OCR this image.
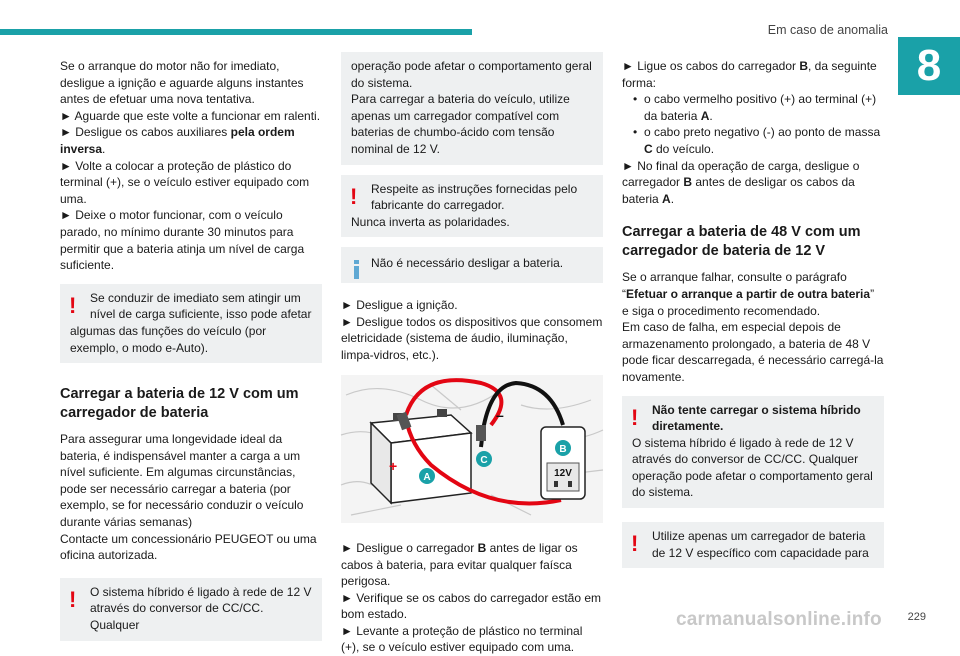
Em caso de anomalia
8

Se o arranque do motor não for imediato, desligue a ignição e aguarde alguns instantes antes de efetuar uma nova tentativa.

► Aguarde que este volte a funcionar em ralenti.

► Desligue os cabos auxiliares pela ordem inversa.

► Volte a colocar a proteção de plástico do terminal (+), se o veículo estiver equipado com uma.

► Deixe o motor funcionar, com o veículo parado, no mínimo durante 30 minutos para permitir que a bateria atinja um nível de carga suficiente.

!	Se conduzir de imediato sem atingir um nível de carga suficiente, isso pode afetar

algumas das funções do veículo (por exemplo, o modo e-Auto).

Carregar a bateria de 12 V com um carregador de bateria

Para assegurar uma longevidade ideal da bateria, é indispensável manter a carga a um nível suficiente. Em algumas circunstâncias, pode ser necessário carregar a bateria (por exemplo, se for necessário conduzir o veículo durante várias semanas)

Contacte um concessionário PEUGEOT ou uma oficina autorizada.

!	O sistema híbrido é ligado à rede de 12 V através do conversor de CC/CC. Qualquer

operação pode afetar o comportamento geral do sistema.

Para carregar a bateria do veículo, utilize apenas um carregador compatível com baterias de chumbo-ácido com tensão nominal de 12 V.

!	Respeite as instruções fornecidas pelo fabricante do carregador.

Nunca inverta as polaridades.

Não é necessário desligar a bateria.

► Desligue a ignição.

► Desligue todos os dispositivos que consomem eletricidade (sistema de áudio, iluminação, limpa-vidros, etc.).

12V
+
–
A
B
C

► Desligue o carregador B antes de ligar os cabos à bateria, para evitar qualquer faísca perigosa.

► Verifique se os cabos do carregador estão em bom estado.

► Levante a proteção de plástico no terminal (+), se o veículo estiver equipado com uma.

► Ligue os cabos do carregador B, da seguinte forma:

• o cabo vermelho positivo (+) ao terminal (+) da bateria A.

• o cabo preto negativo (-) ao ponto de massa C do veículo.

► No final da operação de carga, desligue o carregador B antes de desligar os cabos da bateria A.

Carregar a bateria de 48 V com um carregador de bateria de 12 V

Se o arranque falhar, consulte o parágrafo “Efetuar o arranque a partir de outra bateria” e siga o procedimento recomendado.

Em caso de falha, em especial depois de armazenamento prolongado, a bateria de 48 V pode ficar descarregada, é necessário carregá-la novamente.

!	Não tente carregar o sistema híbrido diretamente.

O sistema híbrido é ligado à rede de 12 V através do conversor de CC/CC. Qualquer operação pode afetar o comportamento geral do sistema.

!	Utilize apenas um carregador de bateria de 12 V específico com capacidade para

229
carmanualsonline.info
